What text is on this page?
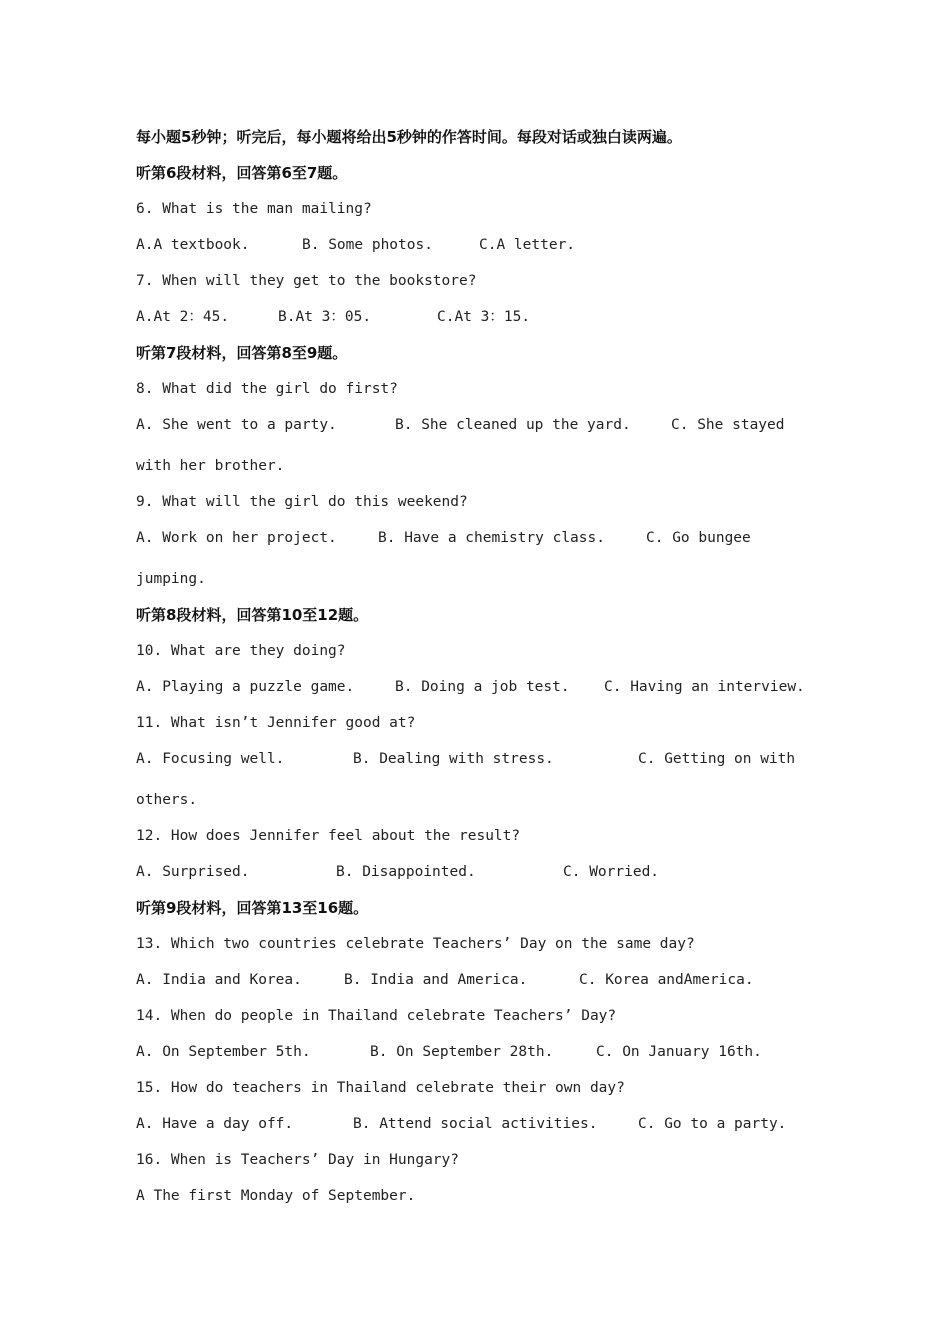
每小题5秒钟；听完后，每小题将给出5秒钟的作答时间。每段对话或独白读两遍。
听第6段材料，回答第6至7题。
6. What is the man mailing?
A.A textbook.	B. Some photos.	C.A letter.
7. When will they get to the bookstore?
A.At 2：45.	B.At 3：05.	C.At 3：15.
听第7段材料，回答第8至9题。
8. What did the girl do first?
A. She went to a party.	B. She cleaned up the yard.	C. She stayed
with her brother.
9. What will the girl do this weekend?
A. Work on her project.	B. Have a chemistry class.	C. Go bungee
jumping.
听第8段材料，回答第10至12题。
10. What are they doing?
A. Playing a puzzle game.	B. Doing a job test. C. Having an interview.
11. What isn’t Jennifer good at?
A. Focusing well.	B. Dealing with stress.	C. Getting on with
others.
12. How does Jennifer feel about the result?
A. Surprised.	B. Disappointed.	C. Worried.
听第9段材料，回答第13至16题。
13. Which two countries celebrate Teachers’ Day on the same day?
A. India and Korea.	B. India and America.	C. Korea andAmerica.
14. When do people in Thailand celebrate Teachers’ Day?
A. On September 5th.	B. On September 28th.	C. On January 16th.
15. How do teachers in Thailand celebrate their own day?
A. Have a day off.	B. Attend social activities.	C. Go to a party.
16. When is Teachers’ Day in Hungary?
A The first Monday of September.
